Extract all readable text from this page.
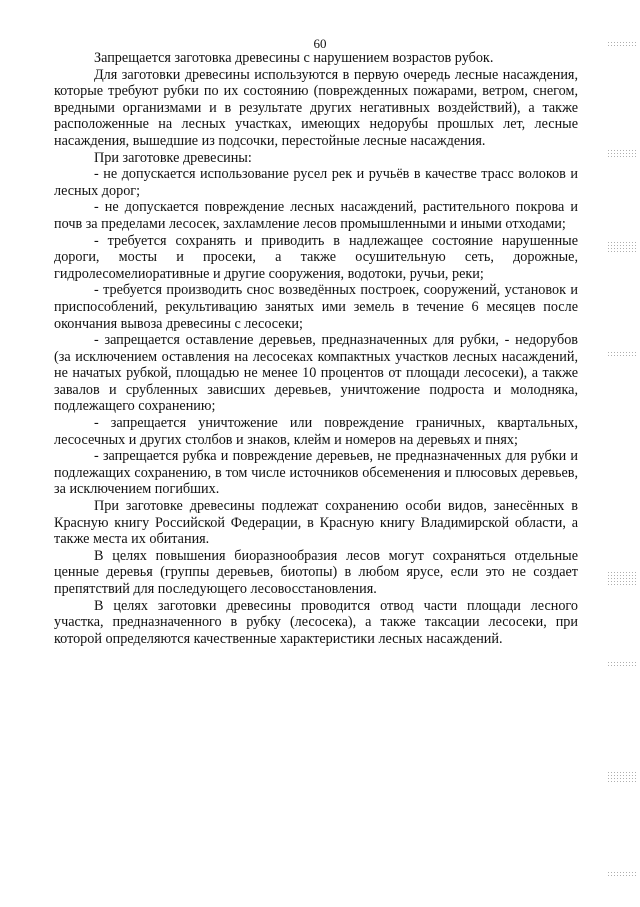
60

Запрещается заготовка древесины с нарушением возрастов рубок.

Для заготовки древесины используются в первую очередь лесные насаждения, которые требуют рубки по их состоянию (поврежденных пожарами, ветром, снегом, вредными организмами и в результате других негативных воздействий), а также расположенные на лесных участках, имеющих недорубы прошлых лет, лесные насаждения, вышедшие из подсочки, перестойные лесные насаждения.

При заготовке древесины:

- не допускается использование русел рек и ручьёв в качестве трасс волоков и лесных дорог;

- не допускается повреждение лесных насаждений, растительного покрова и почв за пределами лесосек, захламление лесов промышленными и иными отходами;

- требуется сохранять и приводить в надлежащее состояние нарушенные дороги, мосты и просеки, а также осушительную сеть, дорожные, гидролесомелиоративные и другие сооружения, водотоки, ручьи, реки;

- требуется производить снос возведённых построек, сооружений, установок и приспособлений, рекультивацию занятых ими земель в течение 6 месяцев после окончания вывоза древесины с лесосеки;

- запрещается оставление деревьев, предназначенных для рубки, - недорубов (за исключением оставления на лесосеках компактных участков лесных насаждений, не начатых рубкой, площадью не менее 10 процентов от площади лесосеки), а также завалов и срубленных зависших деревьев, уничтожение подроста и молодняка, подлежащего сохранению;

- запрещается уничтожение или повреждение граничных, квартальных, лесосечных и других столбов и знаков, клейм и номеров на деревьях и пнях;

- запрещается рубка и повреждение деревьев, не предназначенных для рубки и подлежащих сохранению, в том числе источников обсеменения и плюсовых деревьев, за исключением погибших.

При заготовке древесины подлежат сохранению особи видов, занесённых в Красную книгу Российской Федерации, в Красную книгу Владимирской области, а также места их обитания.

В целях повышения биоразнообразия лесов могут сохраняться отдельные ценные деревья (группы деревьев, биотопы) в любом ярусе, если это не создает препятствий для последующего лесовосстановления.

В целях заготовки древесины проводится отвод части площади лесного участка, предназначенного в рубку (лесосека), а также таксации лесосеки, при которой определяются качественные характеристики лесных насаждений.
